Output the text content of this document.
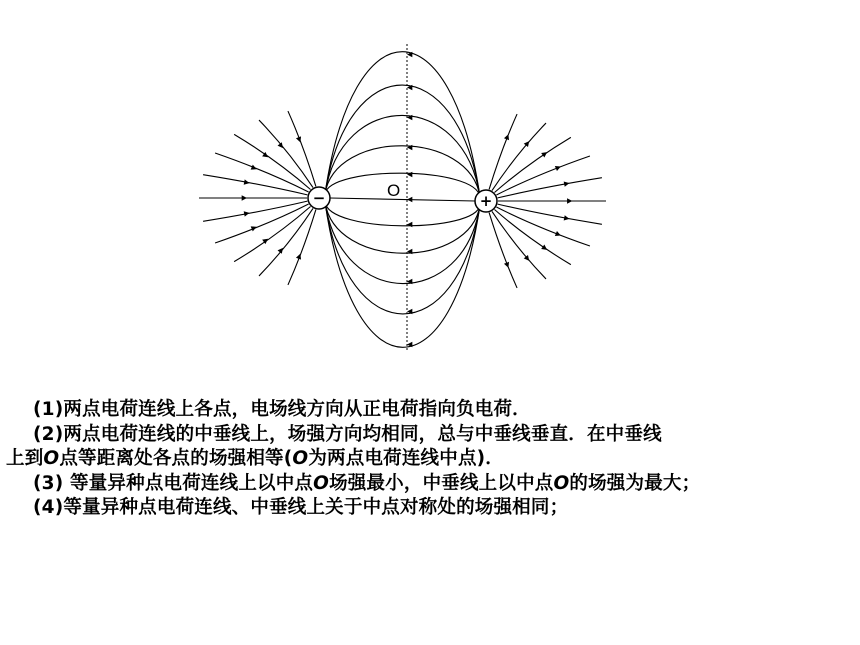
−	+
O
(1)两点电荷连线上各点，电场线方向从正电荷指向负电荷．
(2)两点电荷连线的中垂线上，场强方向均相同，总与中垂线垂直．在中垂线
上到O点等距离处各点的场强相等(O为两点电荷连线中点)．
(3) 等量异种点电荷连线上以中点O场强最小，中垂线上以中点O的场强为最大；
(4)等量异种点电荷连线、中垂线上关于中点对称处的场强相同；
